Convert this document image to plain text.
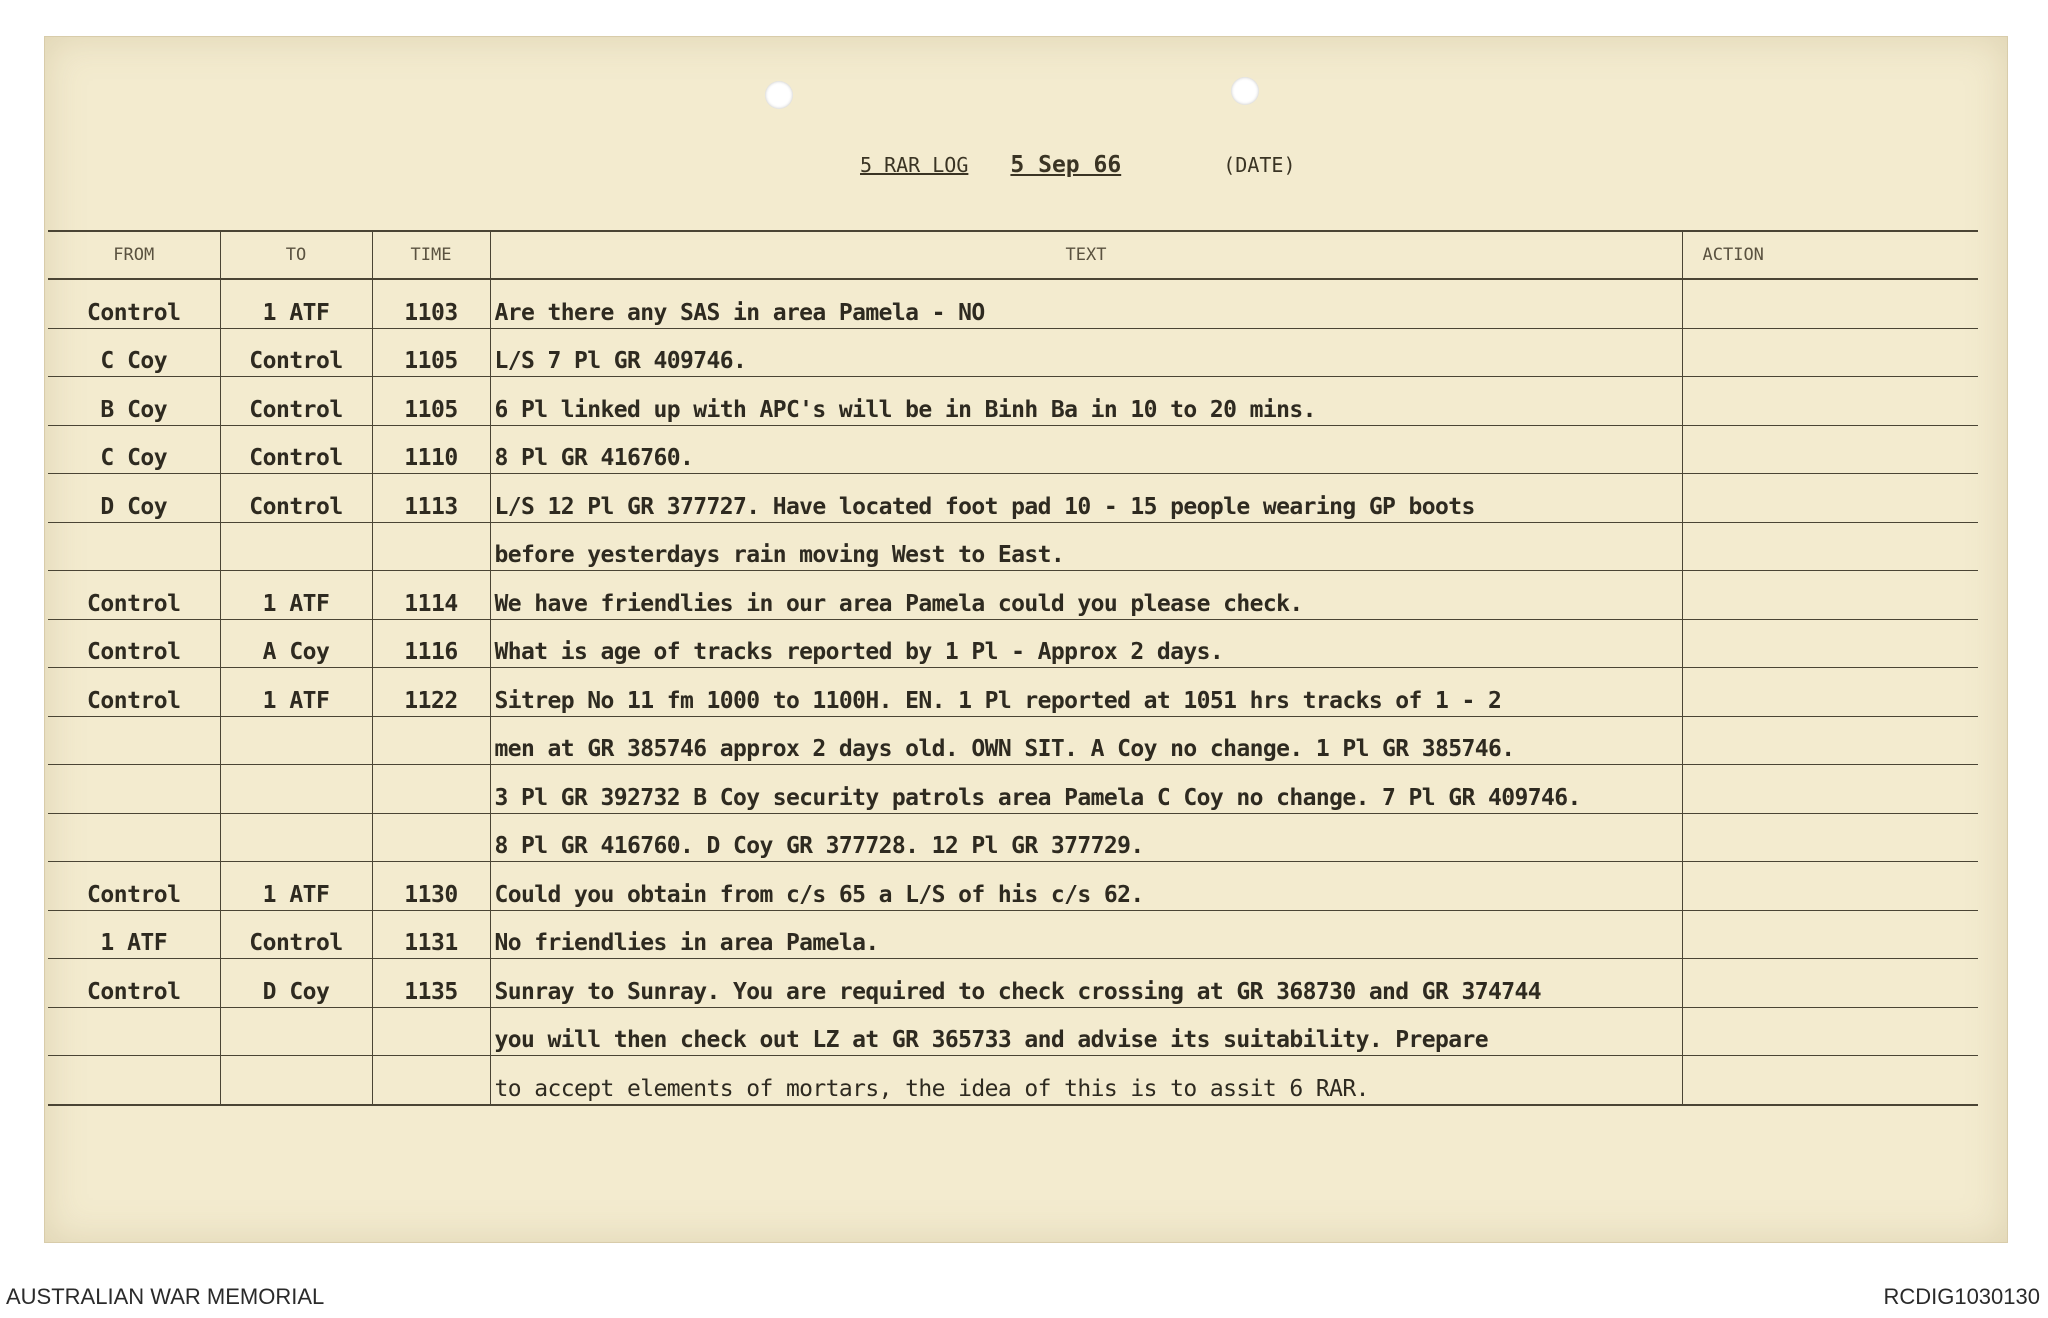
5 RAR LOG 5 Sep 66	(DATE)
FROM	TO	TIME	TEXT	ACTION
Control	1 ATF	1103	Are there any SAS in area Pamela - NO	
C Coy	Control	1105	L/S 7 Pl GR 409746.	
B Coy	Control	1105	6 Pl linked up with APC's will be in Binh Ba in 10 to 20 mins.	
C Coy	Control	1110	8 Pl GR 416760.	
D Coy	Control	1113	L/S 12 Pl GR 377727. Have located foot pad 10 - 15 people wearing GP boots	
			before yesterdays rain moving West to East.	
Control	1 ATF	1114	We have friendlies in our area Pamela could you please check.	
Control	A Coy	1116	What is age of tracks reported by 1 Pl - Approx 2 days.	
Control	1 ATF	1122	Sitrep No 11 fm 1000 to 1100H. EN. 1 Pl reported at 1051 hrs tracks of 1 - 2	
			men at GR 385746 approx 2 days old. OWN SIT. A Coy no change. 1 Pl GR 385746.	
			3 Pl GR 392732 B Coy security patrols area Pamela C Coy no change. 7 Pl GR 409746.	
			8 Pl GR 416760. D Coy GR 377728. 12 Pl GR 377729.	
Control	1 ATF	1130	Could you obtain from c/s 65 a L/S of his c/s 62.	
1 ATF	Control	1131	No friendlies in area Pamela.	
Control	D Coy	1135	Sunray to Sunray. You are required to check crossing at GR 368730 and GR 374744	
			you will then check out LZ at GR 365733 and advise its suitability. Prepare	
			to accept elements of mortars, the idea of this is to assit 6 RAR.	
AUSTRALIAN WAR MEMORIAL	RCDIG1030130
